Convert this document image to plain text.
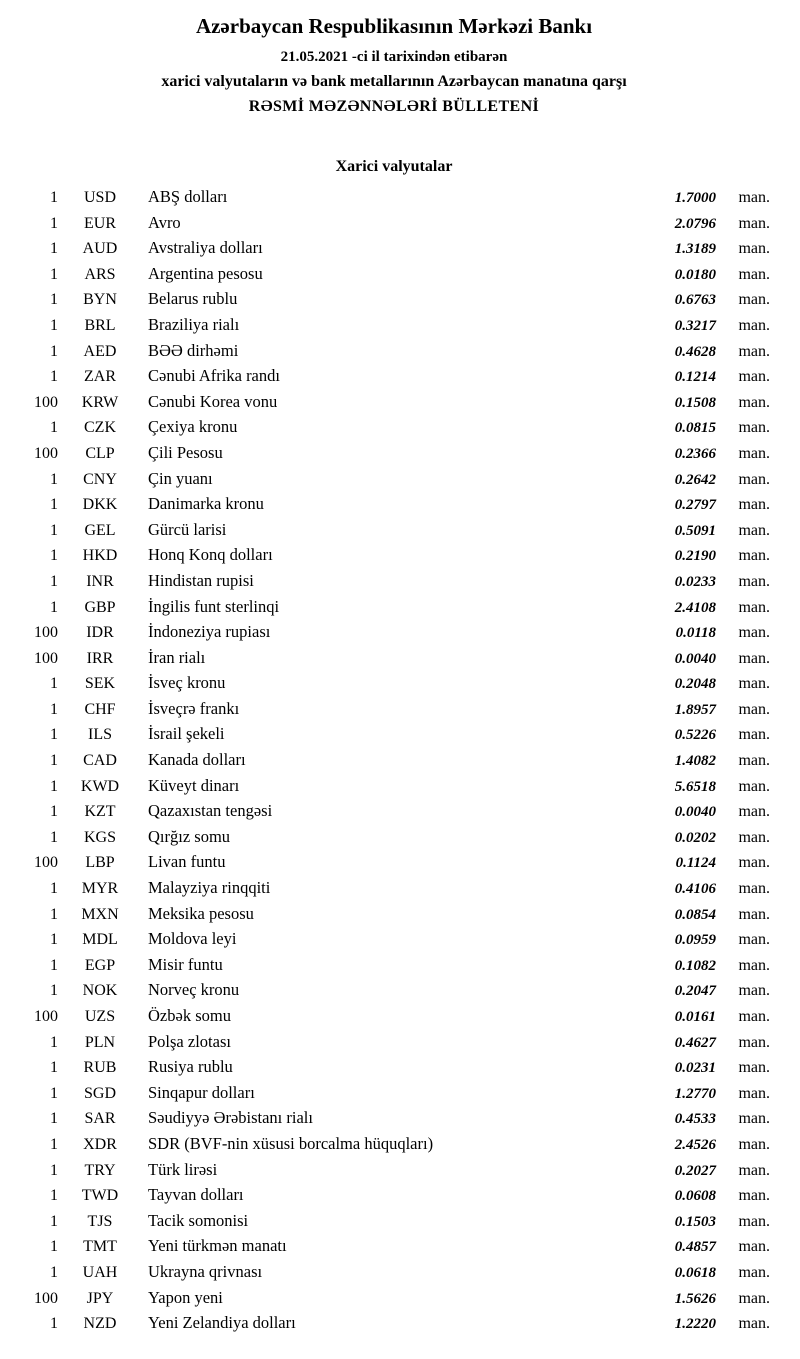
Azərbaycan Respublikasının Mərkəzi Bankı
21.05.2021 -ci il tarixindən etibarən
xarici valyutaların və bank metallarının Azərbaycan manatına qarşı
RƏSMİ MƏZƏNNƏLƏRİ BÜLLETENİ
Xarici valyutalar
1	USD	ABŞ dolları	1.7000	man.
1	EUR	Avro	2.0796	man.
1	AUD	Avstraliya dolları	1.3189	man.
1	ARS	Argentina pesosu	0.0180	man.
1	BYN	Belarus rublu	0.6763	man.
1	BRL	Braziliya rialı	0.3217	man.
1	AED	BƏƏ dirhəmi	0.4628	man.
1	ZAR	Cənubi Afrika randı	0.1214	man.
100	KRW	Cənubi Korea vonu	0.1508	man.
1	CZK	Çexiya kronu	0.0815	man.
100	CLP	Çili Pesosu	0.2366	man.
1	CNY	Çin yuanı	0.2642	man.
1	DKK	Danimarka kronu	0.2797	man.
1	GEL	Gürcü larisi	0.5091	man.
1	HKD	Honq Konq dolları	0.2190	man.
1	INR	Hindistan rupisi	0.0233	man.
1	GBP	İngilis funt sterlinqi	2.4108	man.
100	IDR	İndoneziya rupiası	0.0118	man.
100	IRR	İran rialı	0.0040	man.
1	SEK	İsveç kronu	0.2048	man.
1	CHF	İsveçrə frankı	1.8957	man.
1	ILS	İsrail şekeli	0.5226	man.
1	CAD	Kanada dolları	1.4082	man.
1	KWD	Küveyt dinarı	5.6518	man.
1	KZT	Qazaxıstan tengəsi	0.0040	man.
1	KGS	Qırğız somu	0.0202	man.
100	LBP	Livan funtu	0.1124	man.
1	MYR	Malayziya rinqqiti	0.4106	man.
1	MXN	Meksika pesosu	0.0854	man.
1	MDL	Moldova leyi	0.0959	man.
1	EGP	Misir funtu	0.1082	man.
1	NOK	Norveç kronu	0.2047	man.
100	UZS	Özbək somu	0.0161	man.
1	PLN	Polşa zlotası	0.4627	man.
1	RUB	Rusiya rublu	0.0231	man.
1	SGD	Sinqapur dolları	1.2770	man.
1	SAR	Səudiyyə Ərəbistanı rialı	0.4533	man.
1	XDR	SDR (BVF-nin xüsusi borcalma hüquqları)	2.4526	man.
1	TRY	Türk lirəsi	0.2027	man.
1	TWD	Tayvan dolları	0.0608	man.
1	TJS	Tacik somonisi	0.1503	man.
1	TMT	Yeni türkmən manatı	0.4857	man.
1	UAH	Ukrayna qrivnası	0.0618	man.
100	JPY	Yapon yeni	1.5626	man.
1	NZD	Yeni Zelandiya dolları	1.2220	man.
